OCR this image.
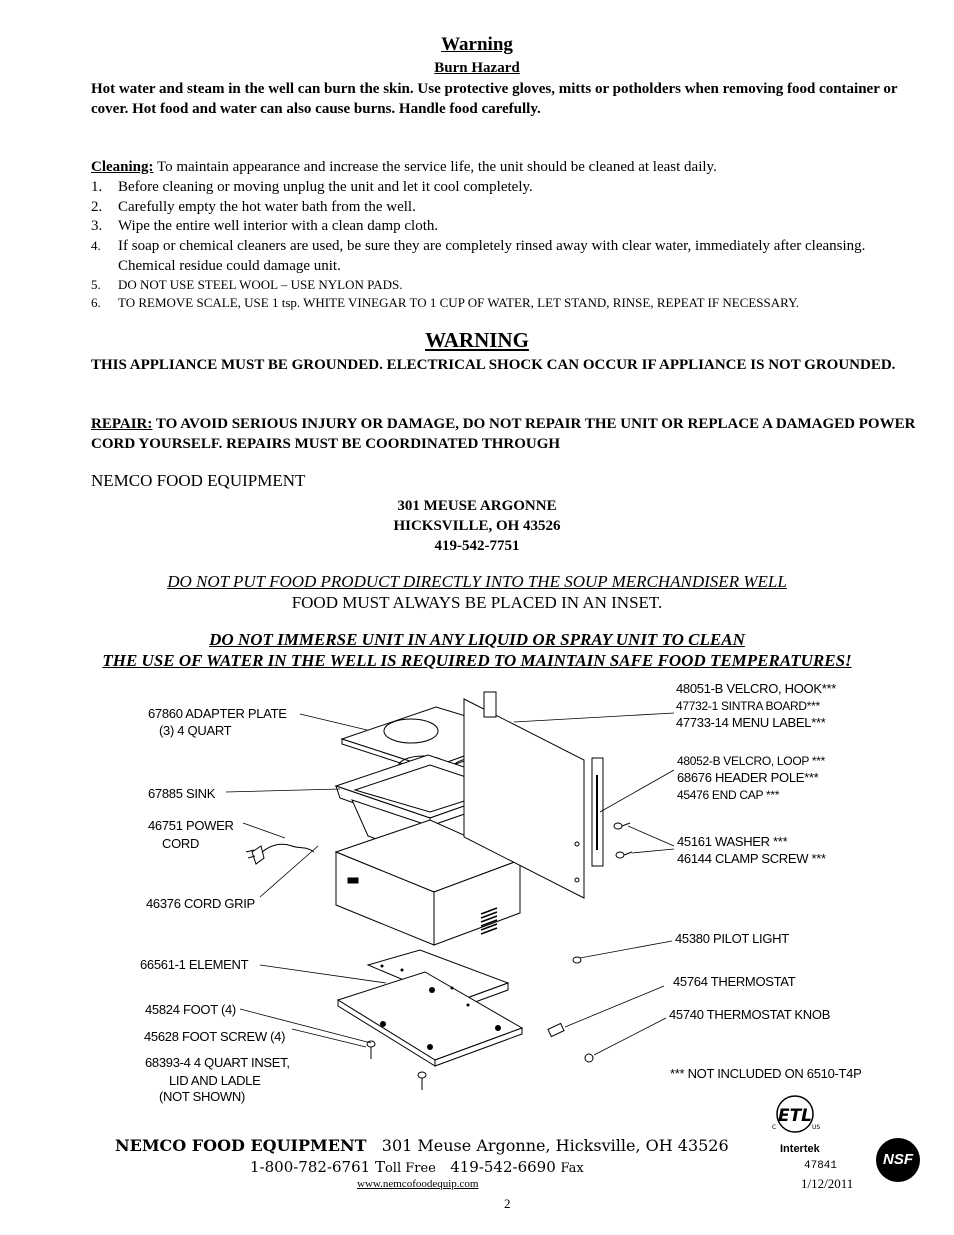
Warning
Burn Hazard
Hot water and steam in the well can burn the skin. Use protective gloves, mitts or potholders when removing food container or cover. Hot food and water can also cause burns. Handle food carefully.
Cleaning: To maintain appearance and increase the service life, the unit should be cleaned at least daily.
1.	Before cleaning or moving unplug the unit and let it cool completely.
2.	Carefully empty the hot water bath from the well.
3.	Wipe the entire well interior with a clean damp cloth.
4.	If soap or chemical cleaners are used, be sure they are completely rinsed away with clear water, immediately after cleansing. Chemical residue could damage unit.
5.	DO NOT USE STEEL WOOL – USE NYLON PADS.
6.	TO REMOVE SCALE, USE 1 tsp. WHITE VINEGAR TO 1 CUP OF WATER, LET STAND, RINSE, REPEAT IF NECESSARY.
WARNING
THIS APPLIANCE MUST BE GROUNDED. ELECTRICAL SHOCK CAN OCCUR IF APPLIANCE IS NOT GROUNDED.
REPAIR: TO AVOID SERIOUS INJURY OR DAMAGE, DO NOT REPAIR THE UNIT OR REPLACE A DAMAGED POWER CORD YOURSELF. REPAIRS MUST BE COORDINATED THROUGH
NEMCO FOOD EQUIPMENT
301 MEUSE ARGONNE
HICKSVILLE, OH 43526
419-542-7751
DO NOT PUT FOOD PRODUCT DIRECTLY INTO THE SOUP MERCHANDISER WELL
FOOD MUST ALWAYS BE PLACED IN AN INSET.
DO NOT IMMERSE UNIT IN ANY LIQUID OR SPRAY UNIT TO CLEAN
THE USE OF WATER IN THE WELL IS REQUIRED TO MAINTAIN SAFE FOOD TEMPERATURES!
67860 ADAPTER PLATE
(3) 4 QUART
67885 SINK
46751 POWER
CORD
46376 CORD GRIP
66561-1 ELEMENT
45824 FOOT (4)
45628 FOOT SCREW (4)
68393-4 4 QUART INSET,
LID AND LADLE
(NOT SHOWN)
48051-B VELCRO, HOOK***
47732-1 SINTRA BOARD***
47733-14 MENU LABEL***
48052-B VELCRO, LOOP ***
68676 HEADER POLE***
45476 END CAP ***
45161 WASHER ***
46144 CLAMP SCREW ***
45380 PILOT LIGHT
45764 THERMOSTAT
45740 THERMOSTAT KNOB
*** NOT INCLUDED ON 6510-T4P
NEMCO FOOD EQUIPMENT 301 Meuse Argonne, Hicksville, OH 43526
1-800-782-6761 Toll Free 419-542-6690 Fax
www.nemcofoodequip.com
2
ETL
C	US
Intertek
47841
1/12/2011
NSF
